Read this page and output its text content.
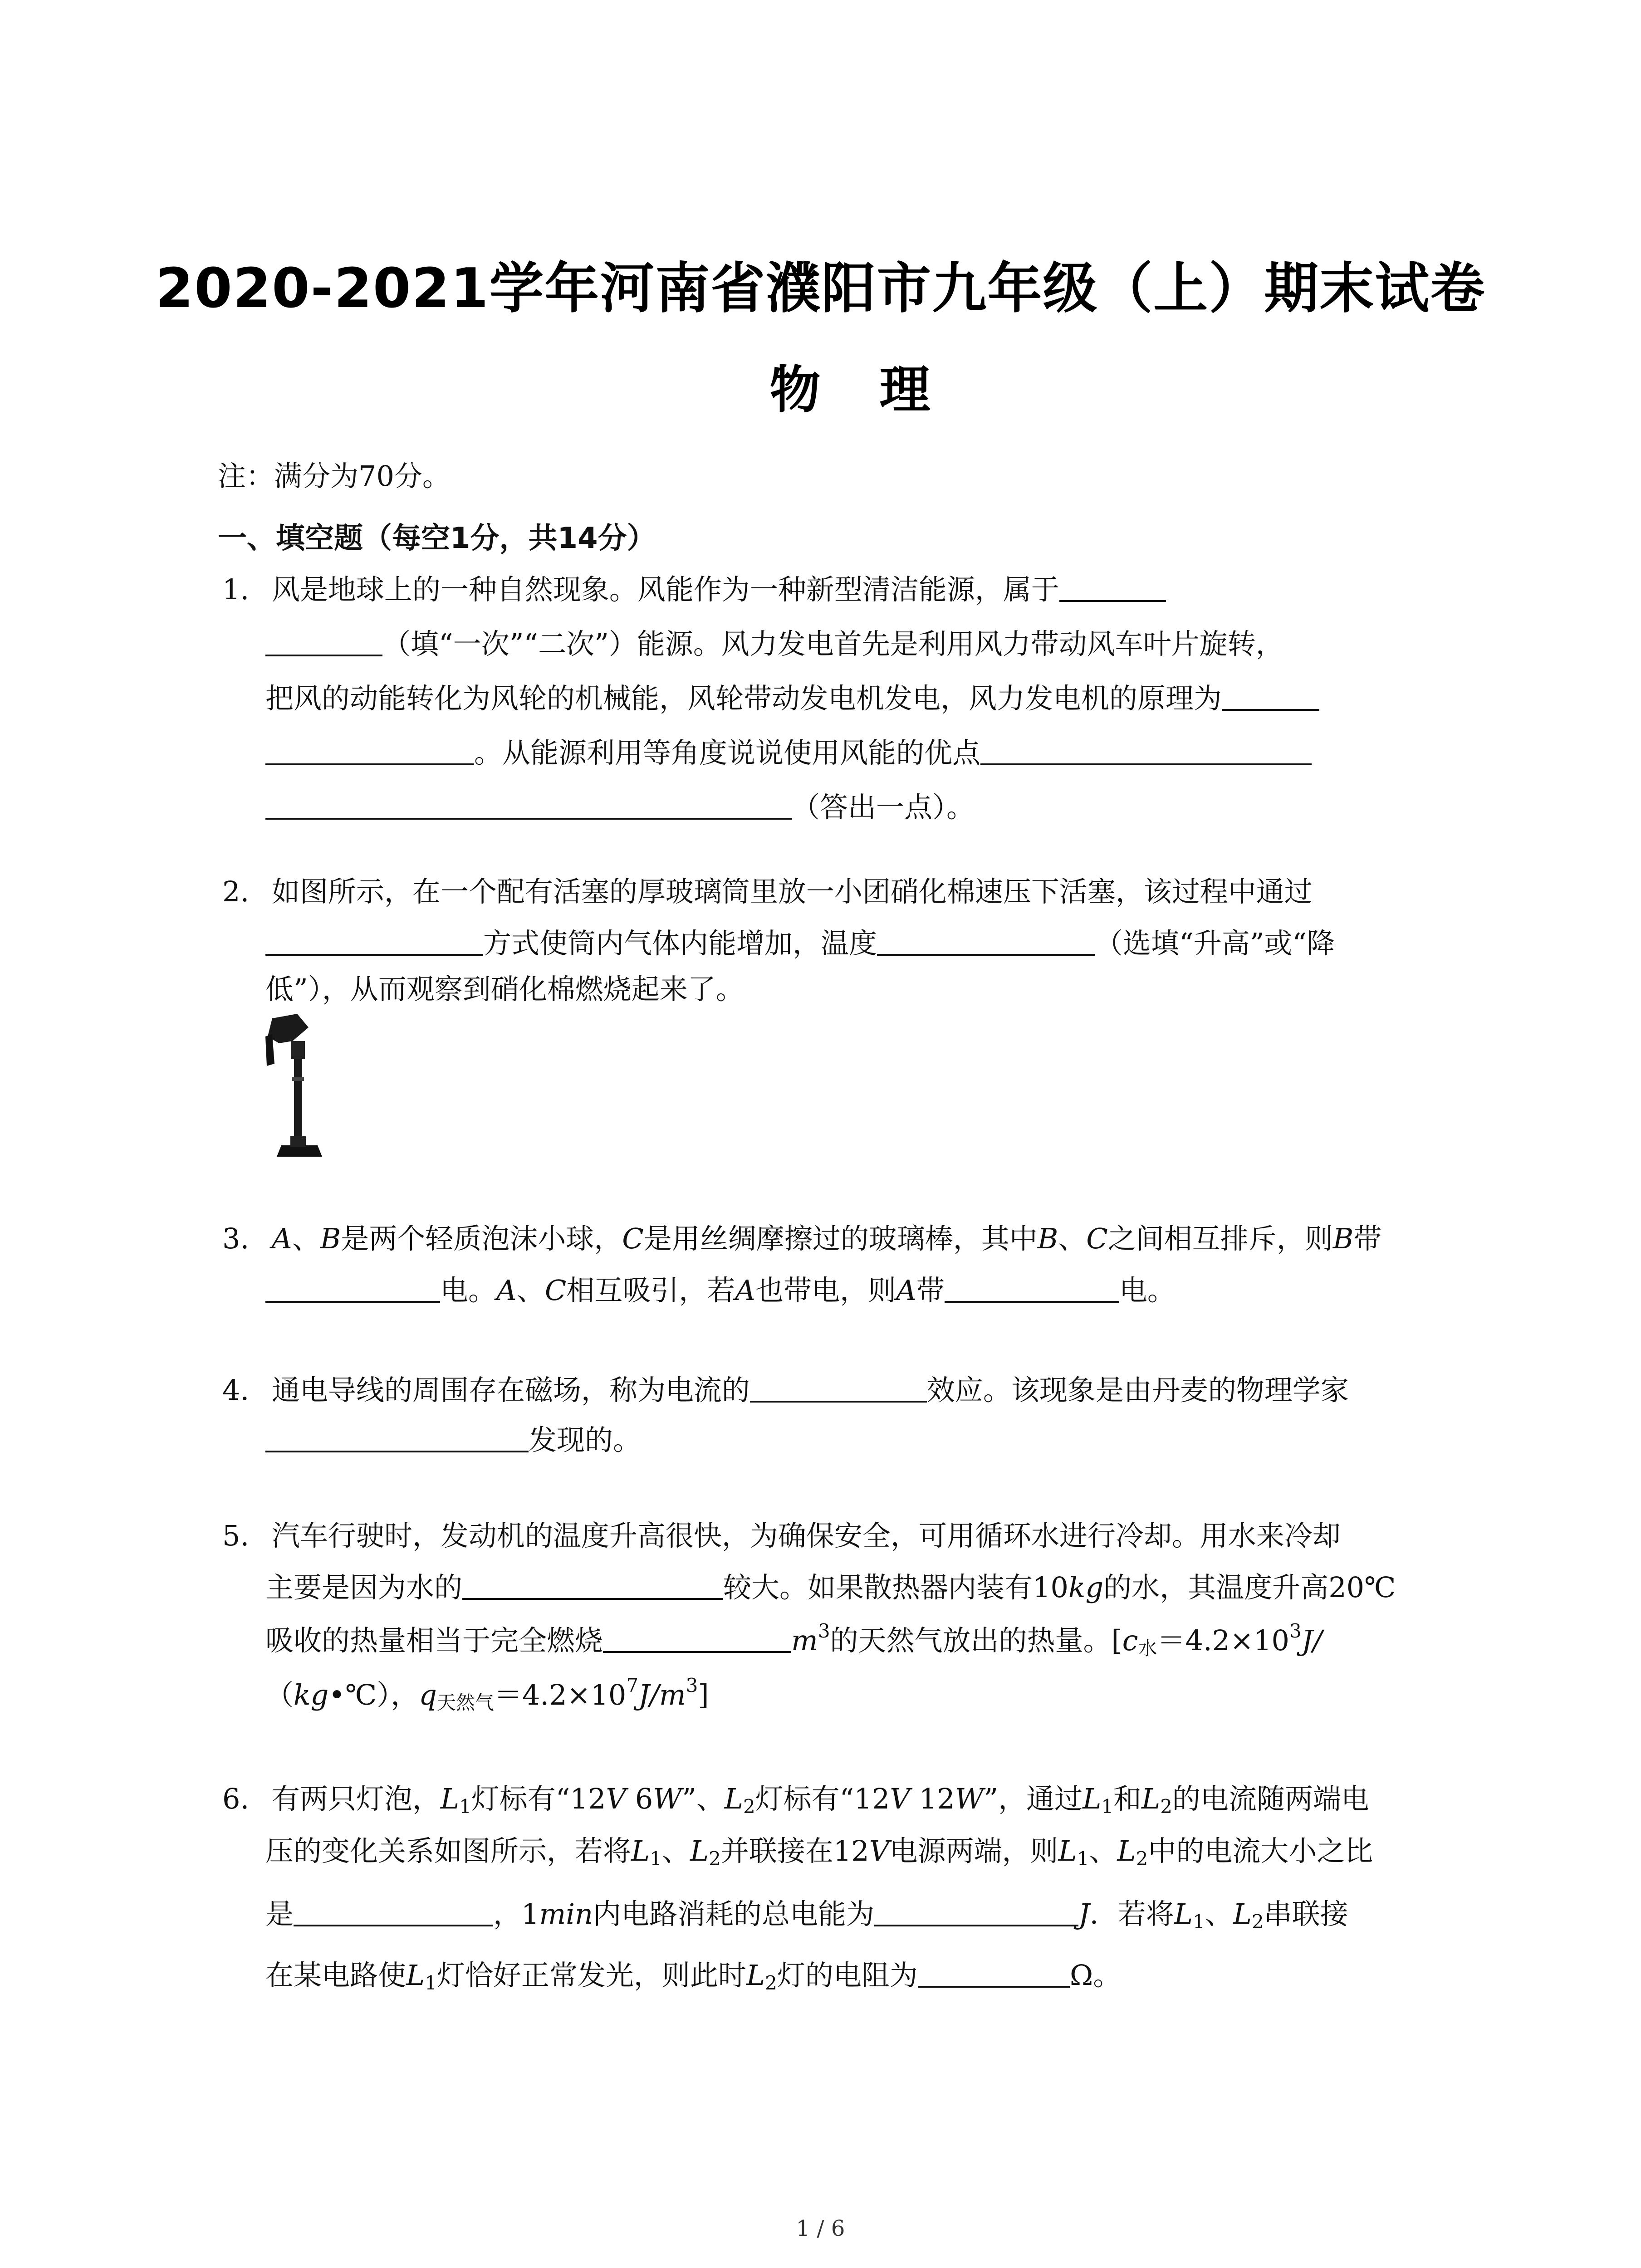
2020-2021学年河南省濮阳市九年级（上）期末试卷
物理
注：满分为70分。
一、填空题（每空1分，共14分）
1. 风是地球上的一种自然现象。风能作为一种新型清洁能源，属于
（填“一次”“二次”）能源。风力发电首先是利用风力带动风车叶片旋转，
把风的动能转化为风轮的机械能，风轮带动发电机发电，风力发电机的原理为
。从能源利用等角度说说使用风能的优点
（答出一点）。
2. 如图所示，在一个配有活塞的厚玻璃筒里放一小团硝化棉速压下活塞，该过程中通过
方式使筒内气体内能增加，温度	（选填“升高”或“降
低”），从而观察到硝化棉燃烧起来了。
3. A、B是两个轻质泡沫小球，C是用丝绸摩擦过的玻璃棒，其中B、C之间相互排斥，则B带
电。A、C相互吸引，若A也带电，则A带	电。
4. 通电导线的周围存在磁场，称为电流的	效应。该现象是由丹麦的物理学家
发现的。
5. 汽车行驶时，发动机的温度升高很快，为确保安全，可用循环水进行冷却。用水来冷却
主要是因为水的	较大。如果散热器内装有10kg的水，其温度升高20℃
吸收的热量相当于完全燃烧	$m^3$的天然气放出的热量。[$c_水=4.2\times 10^3J/$
（kg•℃），$q_{天然气}=4.2\times 10^7J/m^3$]
6. 有两只灯泡，$L_1$灯标有“12V 6W”、$L_2$灯标有“12V 12W”，通过$L_1$和$L_2$的电流随两端电
压的变化关系如图所示，若将$L_1$、$L_2$并联接在12V电源两端，则$L_1$、$L_2$中的电流大小之比
是	，1min内电路消耗的总电能为	J．若将$L_1$、$L_2$串联接
在某电路使$L_1$灯恰好正常发光，则此时$L_2$灯的电阻为	Ω。
1 / 6
